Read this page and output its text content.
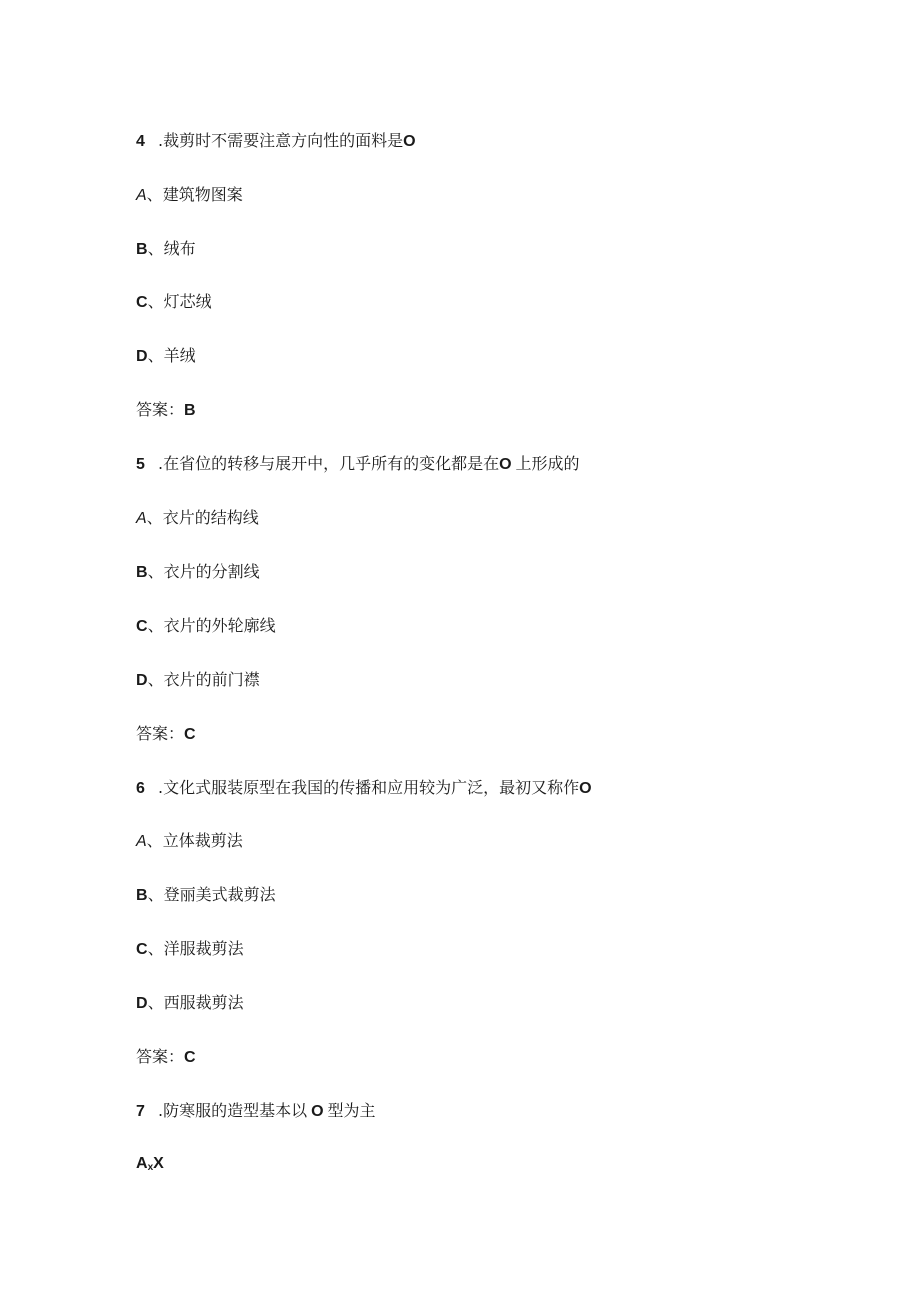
4 .裁剪时不需要注意方向性的面料是O
A、建筑物图案
B、绒布
C、灯芯绒
D、羊绒
答案：B
5 .在省位的转移与展开中，几乎所有的变化都是在O 上形成的
A、衣片的结构线
B、衣片的分割线
C、衣片的外轮廓线
D、衣片的前门襟
答案：C
6 .文化式服装原型在我国的传播和应用较为广泛，最初又称作O
A、立体裁剪法
B、登丽美式裁剪法
C、洋服裁剪法
D、西服裁剪法
答案：C
7 .防寒服的造型基本以 O 型为主
AxX
